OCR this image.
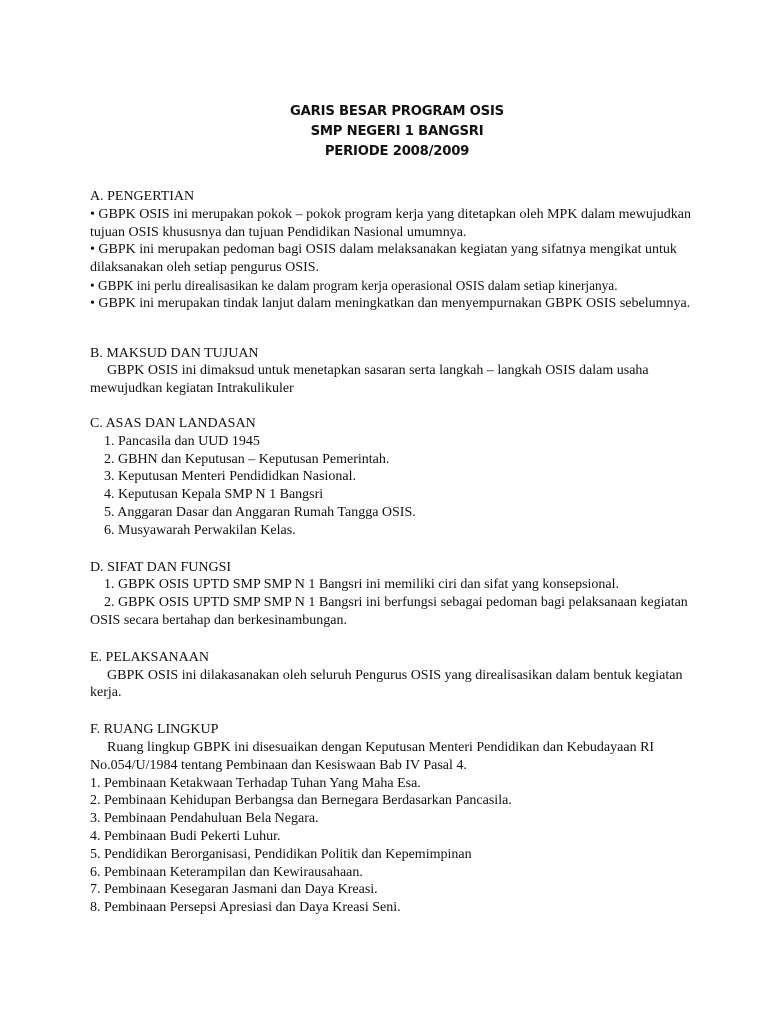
GARIS BESAR PROGRAM OSIS
SMP NEGERI 1 BANGSRI
PERIODE 2008/2009

A. PENGERTIAN

• GBPK OSIS ini merupakan pokok – pokok program kerja yang ditetapkan oleh MPK dalam mewujudkan tujuan OSIS khususnya dan tujuan Pendidikan Nasional umumnya.

• GBPK ini merupakan pedoman bagi OSIS dalam melaksanakan kegiatan yang sifatnya mengikat untuk dilaksanakan oleh setiap pengurus OSIS.

• GBPK ini perlu direalisasikan ke dalam program kerja operasional OSIS dalam setiap kinerjanya.

• GBPK ini merupakan tindak lanjut dalam meningkatkan dan menyempurnakan GBPK OSIS sebelumnya.

B. MAKSUD DAN TUJUAN

GBPK OSIS ini dimaksud untuk menetapkan sasaran serta langkah – langkah OSIS dalam usaha mewujudkan kegiatan Intrakulikuler

C. ASAS DAN LANDASAN

1. Pancasila dan UUD 1945

2. GBHN dan Keputusan – Keputusan Pemerintah.

3. Keputusan Menteri Pendididkan Nasional.

4. Keputusan Kepala SMP N 1 Bangsri

5. Anggaran Dasar dan Anggaran Rumah Tangga OSIS.

6. Musyawarah Perwakilan Kelas.

D. SIFAT DAN FUNGSI

1. GBPK OSIS UPTD SMP SMP N 1 Bangsri ini memiliki ciri dan sifat yang konsepsional.

2. GBPK OSIS UPTD SMP SMP N 1 Bangsri ini berfungsi sebagai pedoman bagi pelaksanaan kegiatan OSIS secara bertahap dan berkesinambungan.

E. PELAKSANAAN

GBPK OSIS ini dilakasanakan oleh seluruh Pengurus OSIS yang direalisasikan dalam bentuk kegiatan kerja.

F. RUANG LINGKUP

Ruang lingkup GBPK ini disesuaikan dengan Keputusan Menteri Pendidikan dan Kebudayaan RI No.054/U/1984 tentang Pembinaan dan Kesiswaan Bab IV Pasal 4.

1. Pembinaan Ketakwaan Terhadap Tuhan Yang Maha Esa.

2. Pembinaan Kehidupan Berbangsa dan Bernegara Berdasarkan Pancasila.

3. Pembinaan Pendahuluan Bela Negara.

4. Pembinaan Budi Pekerti Luhur.

5. Pendidikan Berorganisasi, Pendidikan Politik dan Kepemimpinan

6. Pembinaan Keterampilan dan Kewirausahaan.

7. Pembinaan Kesegaran Jasmani dan Daya Kreasi.

8. Pembinaan Persepsi Apresiasi dan Daya Kreasi Seni.
